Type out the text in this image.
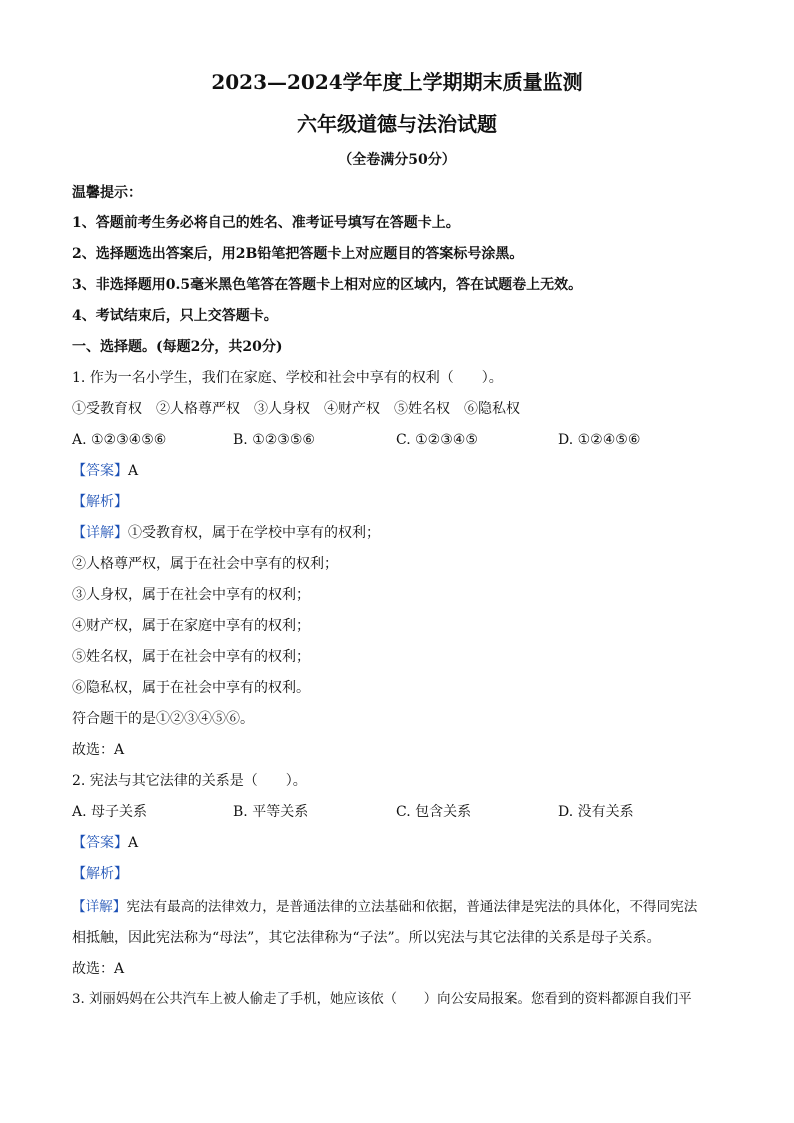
2023—2024学年度上学期期末质量监测
六年级道德与法治试题
（全卷满分50分）
温馨提示：
1、答题前考生务必将自己的姓名、准考证号填写在答题卡上。
2、选择题选出答案后，用2B铅笔把答题卡上对应题目的答案标号涂黑。
3、非选择题用0.5毫米黑色笔答在答题卡上相对应的区域内，答在试题卷上无效。
4、考试结束后，只上交答题卡。
一、选择题。(每题2分，共20分)
1. 作为一名小学生，我们在家庭、学校和社会中享有的权利（　　）。
①受教育权　②人格尊严权　③人身权　④财产权　⑤姓名权　⑥隐私权
A. ①②③④⑤⑥	B. ①②③⑤⑥	C. ①②③④⑤	D. ①②④⑤⑥
【答案】A
【解析】
【详解】①受教育权，属于在学校中享有的权利；
②人格尊严权，属于在社会中享有的权利；
③人身权，属于在社会中享有的权利；
④财产权，属于在家庭中享有的权利；
⑤姓名权，属于在社会中享有的权利；
⑥隐私权，属于在社会中享有的权利。
符合题干的是①②③④⑤⑥。
故选：A
2. 宪法与其它法律的关系是（　　）。
A. 母子关系	B. 平等关系	C. 包含关系	D. 没有关系
【答案】A
【解析】
【详解】宪法有最高的法律效力，是普通法律的立法基础和依据，普通法律是宪法的具体化，不得同宪法
相抵触，因此宪法称为“母法”，其它法律称为“子法”。所以宪法与其它法律的关系是母子关系。
故选：A
3. 刘丽妈妈在公共汽车上被人偷走了手机，她应该依（　　）向公安局报案。您看到的资料都源自我们平
